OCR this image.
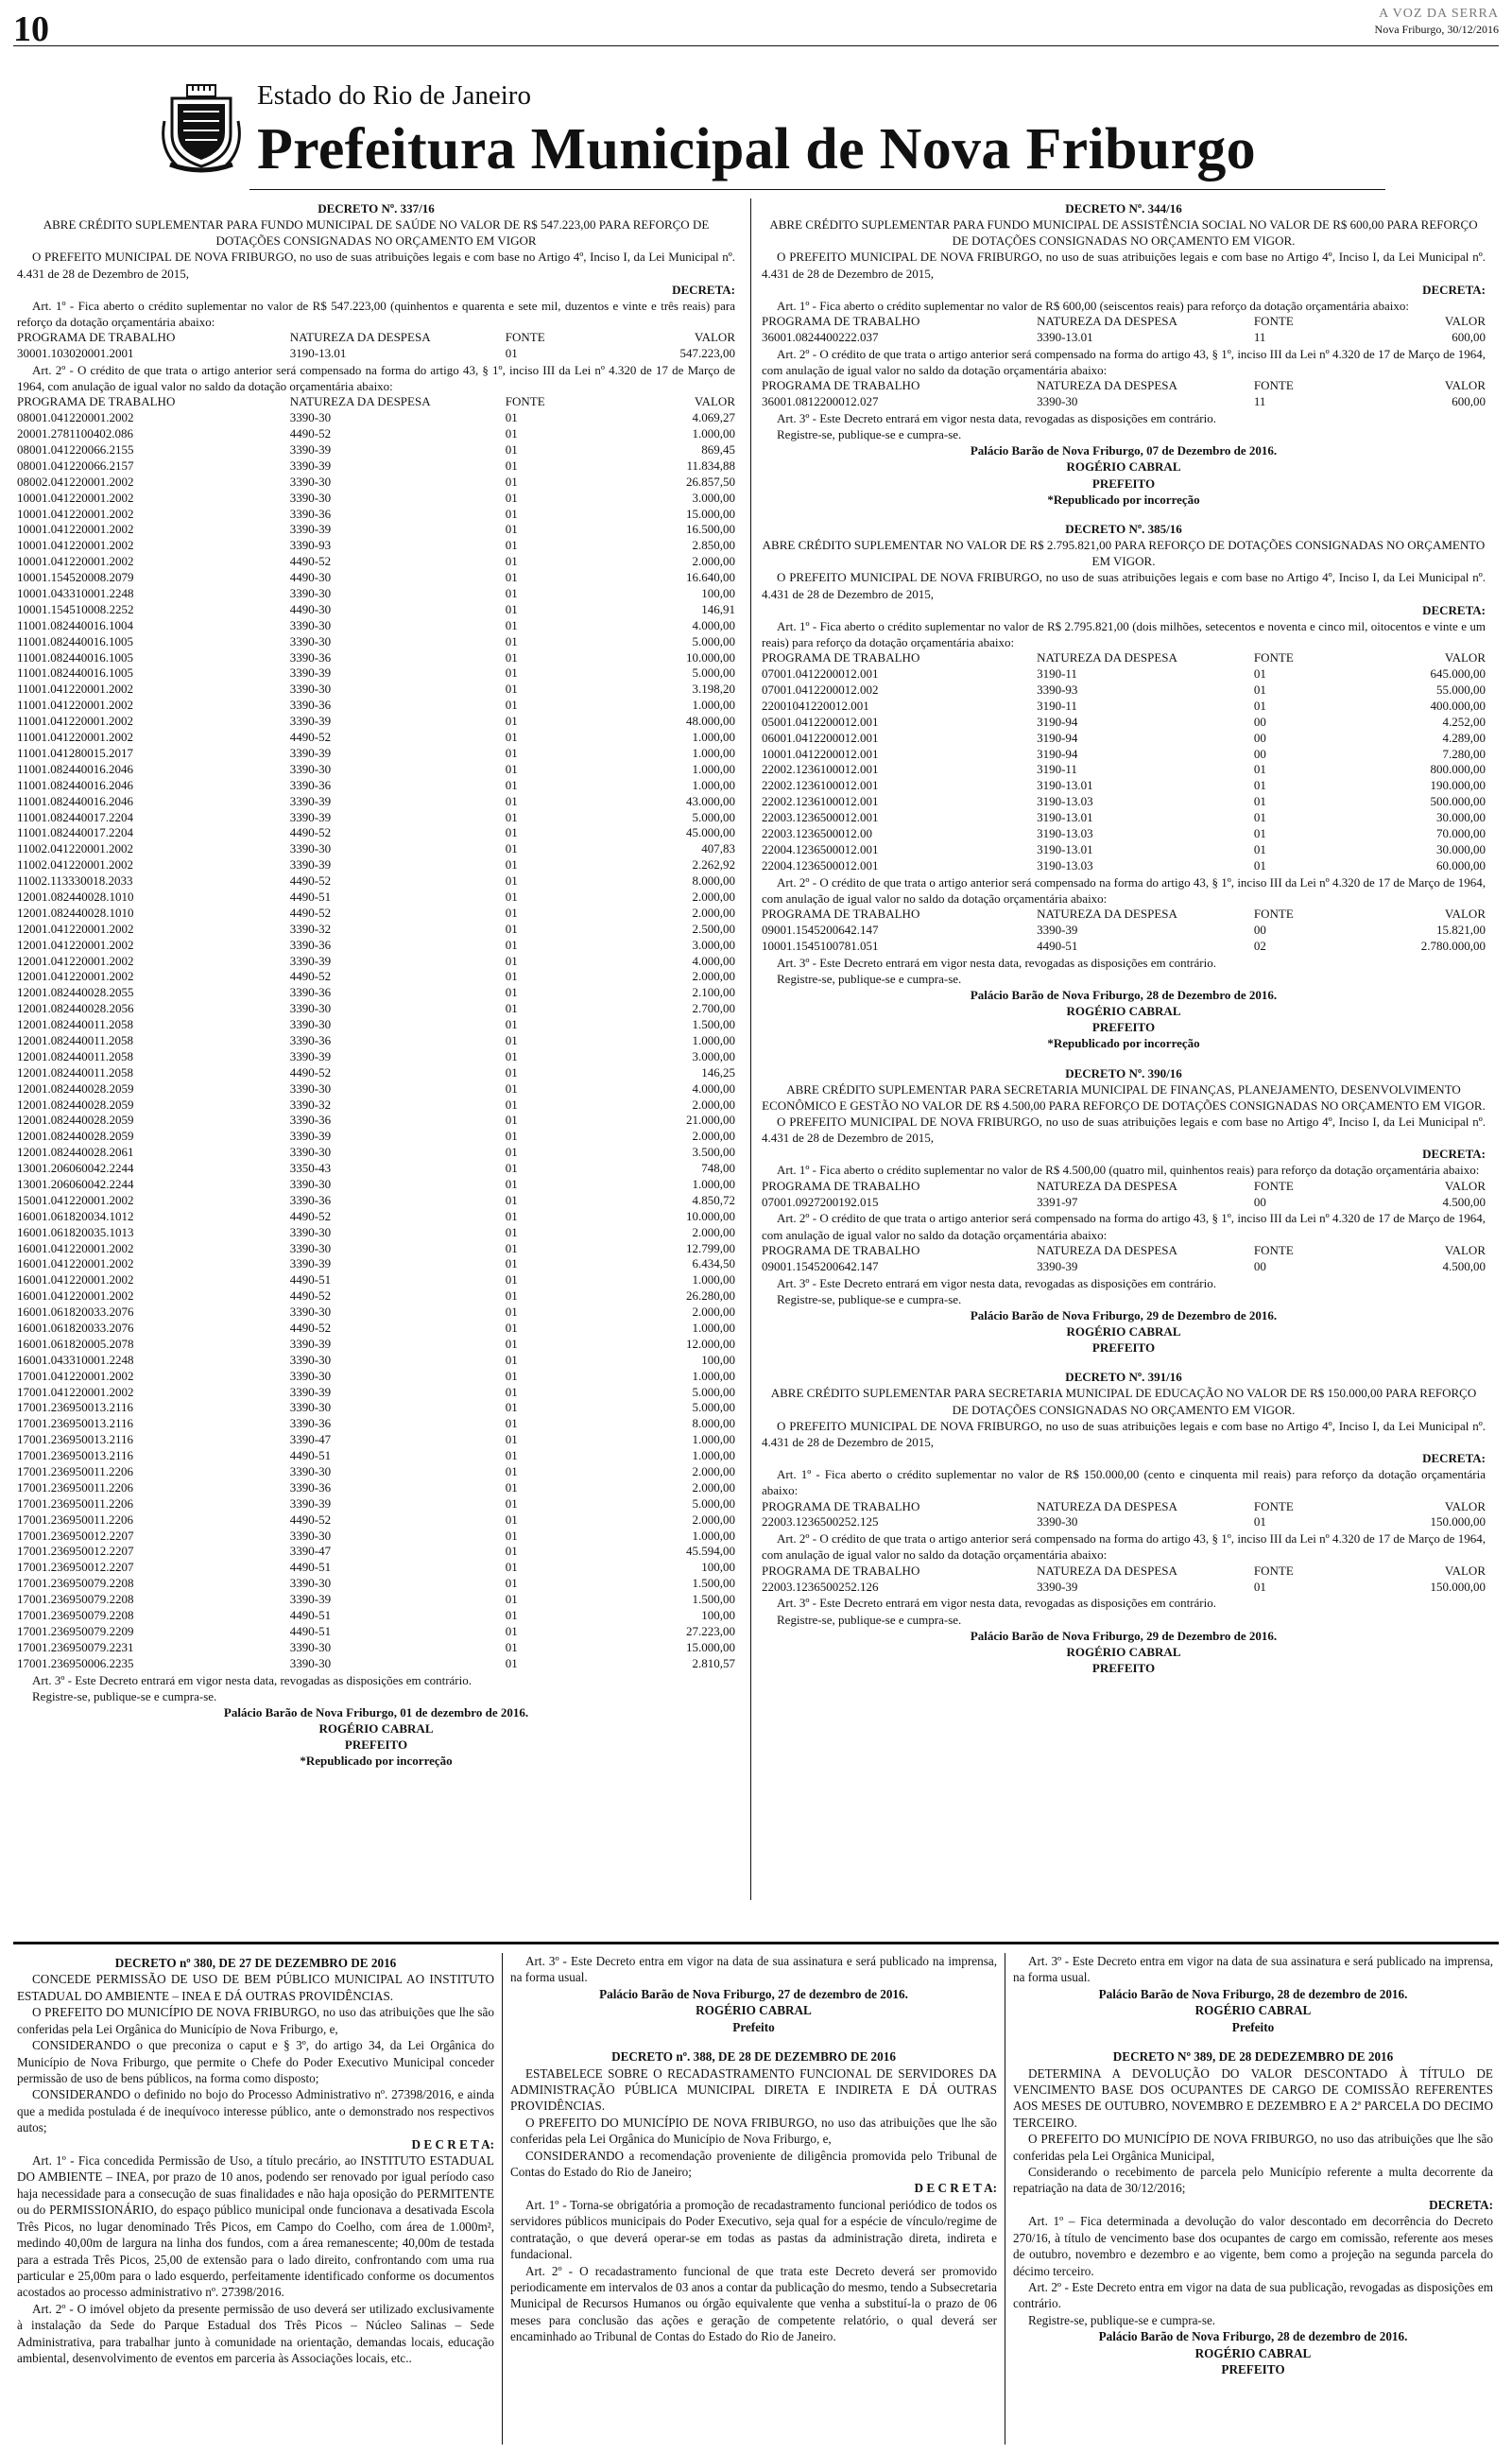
10	A VOZ DA SERRA
Nova Friburgo, 30/12/2016
Estado do Rio de Janeiro
Prefeitura Municipal de Nova Friburgo
DECRETO Nº. 337/16
ABRE CRÉDITO SUPLEMENTAR PARA FUNDO MUNICIPAL DE SAÚDE NO VALOR DE R$ 547.223,00 PARA REFORÇO DE DOTAÇÕES CONSIGNADAS NO ORÇAMENTO EM VIGOR

O PREFEITO MUNICIPAL DE NOVA FRIBURGO, no uso de suas atribuições legais e com base no Artigo 4º, Inciso I, da Lei Municipal nº. 4.431 de 28 de Dezembro de 2015,

DECRETA:

Art. 1º - Fica aberto o crédito suplementar no valor de R$ 547.223,00 (quinhentos e quarenta e sete mil, duzentos e vinte e três reais) para reforço da dotação orçamentária abaixo:

PROGRAMA DE TRABALHO	NATUREZA DA DESPESA	FONTE	VALOR
30001.103020001.2001	3190-13.01	01	547.223,00

Art. 2º - O crédito de que trata o artigo anterior será compensado na forma do artigo 43, § 1º, inciso III da Lei nº 4.320 de 17 de Março de 1964, com anulação de igual valor no saldo da dotação orçamentária abaixo:

PROGRAMA DE TRABALHO	NATUREZA DA DESPESA	FONTE	VALOR
08001.041220001.2002	3390-30	01	4.069,27
20001.2781100402.086	4490-52	01	1.000,00
08001.041220066.2155	3390-39	01	869,45
08001.041220066.2157	3390-39	01	11.834,88
08002.041220001.2002	3390-30	01	26.857,50
10001.041220001.2002	3390-30	01	3.000,00
10001.041220001.2002	3390-36	01	15.000,00
10001.041220001.2002	3390-39	01	16.500,00
10001.041220001.2002	3390-93	01	2.850,00
10001.041220001.2002	4490-52	01	2.000,00
10001.154520008.2079	4490-30	01	16.640,00
10001.043310001.2248	3390-30	01	100,00
10001.154510008.2252	4490-30	01	146,91
11001.082440016.1004	3390-30	01	4.000,00
11001.082440016.1005	3390-30	01	5.000,00
11001.082440016.1005	3390-36	01	10.000,00
11001.082440016.1005	3390-39	01	5.000,00
11001.041220001.2002	3390-30	01	3.198,20
11001.041220001.2002	3390-36	01	1.000,00
11001.041220001.2002	3390-39	01	48.000,00
11001.041220001.2002	4490-52	01	1.000,00
11001.041280015.2017	3390-39	01	1.000,00
11001.082440016.2046	3390-30	01	1.000,00
11001.082440016.2046	3390-36	01	1.000,00
11001.082440016.2046	3390-39	01	43.000,00
11001.082440017.2204	3390-39	01	5.000,00
11001.082440017.2204	4490-52	01	45.000,00
11002.041220001.2002	3390-30	01	407,83
11002.041220001.2002	3390-39	01	2.262,92
11002.113330018.2033	4490-52	01	8.000,00
12001.082440028.1010	4490-51	01	2.000,00
12001.082440028.1010	4490-52	01	2.000,00
12001.041220001.2002	3390-32	01	2.500,00
12001.041220001.2002	3390-36	01	3.000,00
12001.041220001.2002	3390-39	01	4.000,00
12001.041220001.2002	4490-52	01	2.000,00
12001.082440028.2055	3390-36	01	2.100,00
12001.082440028.2056	3390-30	01	2.700,00
12001.082440011.2058	3390-30	01	1.500,00
12001.082440011.2058	3390-36	01	1.000,00
12001.082440011.2058	3390-39	01	3.000,00
12001.082440011.2058	4490-52	01	146,25
12001.082440028.2059	3390-30	01	4.000,00
12001.082440028.2059	3390-32	01	2.000,00
12001.082440028.2059	3390-36	01	21.000,00
12001.082440028.2059	3390-39	01	2.000,00
12001.082440028.2061	3390-30	01	3.500,00
13001.206060042.2244	3350-43	01	748,00
13001.206060042.2244	3390-30	01	1.000,00
15001.041220001.2002	3390-36	01	4.850,72
16001.061820034.1012	4490-52	01	10.000,00
16001.061820035.1013	3390-30	01	2.000,00
16001.041220001.2002	3390-30	01	12.799,00
16001.041220001.2002	3390-39	01	6.434,50
16001.041220001.2002	4490-51	01	1.000,00
16001.041220001.2002	4490-52	01	26.280,00
16001.061820033.2076	3390-30	01	2.000,00
16001.061820033.2076	4490-52	01	1.000,00
16001.061820005.2078	3390-39	01	12.000,00
16001.043310001.2248	3390-30	01	100,00
17001.041220001.2002	3390-30	01	1.000,00
17001.041220001.2002	3390-39	01	5.000,00
17001.236950013.2116	3390-30	01	5.000,00
17001.236950013.2116	3390-36	01	8.000,00
17001.236950013.2116	3390-47	01	1.000,00
17001.236950013.2116	4490-51	01	1.000,00
17001.236950011.2206	3390-30	01	2.000,00
17001.236950011.2206	3390-36	01	2.000,00
17001.236950011.2206	3390-39	01	5.000,00
17001.236950011.2206	4490-52	01	2.000,00
17001.236950012.2207	3390-30	01	1.000,00
17001.236950012.2207	3390-47	01	45.594,00
17001.236950012.2207	4490-51	01	100,00
17001.236950079.2208	3390-30	01	1.500,00
17001.236950079.2208	3390-39	01	1.500,00
17001.236950079.2208	4490-51	01	100,00
17001.236950079.2209	4490-51	01	27.223,00
17001.236950079.2231	3390-30	01	15.000,00
17001.236950006.2235	3390-30	01	2.810,57

Art. 3º - Este Decreto entrará em vigor nesta data, revogadas as disposições em contrário.

Registre-se, publique-se e cumpra-se.

Palácio Barão de Nova Friburgo, 01 de dezembro de 2016.
ROGÉRIO CABRAL
PREFEITO
*Republicado por incorreção
DECRETO Nº. 344/16
ABRE CRÉDITO SUPLEMENTAR PARA FUNDO MUNICIPAL DE ASSISTÊNCIA SOCIAL NO VALOR DE R$ 600,00 PARA REFORÇO DE DOTAÇÕES CONSIGNADAS NO ORÇAMENTO EM VIGOR.

O PREFEITO MUNICIPAL DE NOVA FRIBURGO, no uso de suas atribuições legais e com base no Artigo 4º, Inciso I, da Lei Municipal nº. 4.431 de 28 de Dezembro de 2015,

DECRETA:

Art. 1º - Fica aberto o crédito suplementar no valor de R$ 600,00 (seiscentos reais) para reforço da dotação orçamentária abaixo:

PROGRAMA DE TRABALHO	NATUREZA DA DESPESA	FONTE	VALOR
36001.0824400222.037	3390-13.01	11	600,00

Art. 2º - O crédito de que trata o artigo anterior será compensado na forma do artigo 43, § 1º, inciso III da Lei nº 4.320 de 17 de Março de 1964, com anulação de igual valor no saldo da dotação orçamentária abaixo:

PROGRAMA DE TRABALHO	NATUREZA DA DESPESA	FONTE	VALOR
36001.0812200012.027	3390-30	11	600,00

Art. 3º - Este Decreto entrará em vigor nesta data, revogadas as disposições em contrário.

Registre-se, publique-se e cumpra-se.

Palácio Barão de Nova Friburgo, 07 de Dezembro de 2016.
ROGÉRIO CABRAL
PREFEITO
*Republicado por incorreção
DECRETO Nº. 385/16
ABRE CRÉDITO SUPLEMENTAR NO VALOR DE R$ 2.795.821,00 PARA REFORÇO DE DOTAÇÕES CONSIGNADAS NO ORÇAMENTO EM VIGOR.

O PREFEITO MUNICIPAL DE NOVA FRIBURGO, no uso de suas atribuições legais e com base no Artigo 4º, Inciso I, da Lei Municipal nº. 4.431 de 28 de Dezembro de 2015,

DECRETA:

Art. 1º - Fica aberto o crédito suplementar no valor de R$ 2.795.821,00 (dois milhões, setecentos e noventa e cinco mil, oitocentos e vinte e um reais) para reforço da dotação orçamentária abaixo:

PROGRAMA DE TRABALHO	NATUREZA DA DESPESA	FONTE	VALOR
07001.0412200012.001	3190-11	01	645.000,00
07001.0412200012.002	3390-93	01	55.000,00
22001041220012.001	3190-11	01	400.000,00
05001.0412200012.001	3190-94	00	4.252,00
06001.0412200012.001	3190-94	00	4.289,00
10001.0412200012.001	3190-94	00	7.280,00
22002.1236100012.001	3190-11	01	800.000,00
22002.1236100012.001	3190-13.01	01	190.000,00
22002.1236100012.001	3190-13.03	01	500.000,00
22003.1236500012.001	3190-13.01	01	30.000,00
22003.1236500012.00	3190-13.03	01	70.000,00
22004.1236500012.001	3190-13.01	01	30.000,00
22004.1236500012.001	3190-13.03	01	60.000,00

Art. 2º - O crédito de que trata o artigo anterior será compensado na forma do artigo 43, § 1º, inciso III da Lei nº 4.320 de 17 de Março de 1964, com anulação de igual valor no saldo da dotação orçamentária abaixo:

PROGRAMA DE TRABALHO	NATUREZA DA DESPESA	FONTE	VALOR
09001.1545200642.147	3390-39	00	15.821,00
10001.1545100781.051	4490-51	02	2.780.000,00

Art. 3º - Este Decreto entrará em vigor nesta data, revogadas as disposições em contrário.

Registre-se, publique-se e cumpra-se.

Palácio Barão de Nova Friburgo, 28 de Dezembro de 2016.
ROGÉRIO CABRAL
PREFEITO
*Republicado por incorreção
DECRETO Nº. 390/16
ABRE CRÉDITO SUPLEMENTAR PARA SECRETARIA MUNICIPAL DE FINANÇAS, PLANEJAMENTO, DESENVOLVIMENTO ECONÔMICO E GESTÃO NO VALOR DE R$ 4.500,00 PARA REFORÇO DE DOTAÇÕES CONSIGNADAS NO ORÇAMENTO EM VIGOR.

O PREFEITO MUNICIPAL DE NOVA FRIBURGO, no uso de suas atribuições legais e com base no Artigo 4º, Inciso I, da Lei Municipal nº. 4.431 de 28 de Dezembro de 2015,

DECRETA:

Art. 1º - Fica aberto o crédito suplementar no valor de R$ 4.500,00 (quatro mil, quinhentos reais) para reforço da dotação orçamentária abaixo:

PROGRAMA DE TRABALHO	NATUREZA DA DESPESA	FONTE	VALOR
07001.0927200192.015	3391-97	00	4.500,00

Art. 2º - O crédito de que trata o artigo anterior será compensado na forma do artigo 43, § 1º, inciso III da Lei nº 4.320 de 17 de Março de 1964, com anulação de igual valor no saldo da dotação orçamentária abaixo:

PROGRAMA DE TRABALHO	NATUREZA DA DESPESA	FONTE	VALOR
09001.1545200642.147	3390-39	00	4.500,00

Art. 3º - Este Decreto entrará em vigor nesta data, revogadas as disposições em contrário.

Registre-se, publique-se e cumpra-se.

Palácio Barão de Nova Friburgo, 29 de Dezembro de 2016.
ROGÉRIO CABRAL
PREFEITO
DECRETO Nº. 391/16
ABRE CRÉDITO SUPLEMENTAR PARA SECRETARIA MUNICIPAL DE EDUCAÇÃO NO VALOR DE R$ 150.000,00 PARA REFORÇO DE DOTAÇÕES CONSIGNADAS NO ORÇAMENTO EM VIGOR.

O PREFEITO MUNICIPAL DE NOVA FRIBURGO, no uso de suas atribuições legais e com base no Artigo 4º, Inciso I, da Lei Municipal nº. 4.431 de 28 de Dezembro de 2015,

DECRETA:

Art. 1º - Fica aberto o crédito suplementar no valor de R$ 150.000,00 (cento e cinquenta mil reais) para reforço da dotação orçamentária abaixo:

PROGRAMA DE TRABALHO	NATUREZA DA DESPESA	FONTE	VALOR
22003.1236500252.125	3390-30	01	150.000,00

Art. 2º - O crédito de que trata o artigo anterior será compensado na forma do artigo 43, § 1º, inciso III da Lei nº 4.320 de 17 de Março de 1964, com anulação de igual valor no saldo da dotação orçamentária abaixo:

PROGRAMA DE TRABALHO	NATUREZA DA DESPESA	FONTE	VALOR
22003.1236500252.126	3390-39	01	150.000,00

Art. 3º - Este Decreto entrará em vigor nesta data, revogadas as disposições em contrário.

Registre-se, publique-se e cumpra-se.

Palácio Barão de Nova Friburgo, 29 de Dezembro de 2016.
ROGÉRIO CABRAL
PREFEITO
DECRETO nº 380, DE 27 DE DEZEMBRO DE 2016

CONCEDE PERMISSÃO DE USO DE BEM PÚBLICO MUNICIPAL AO INSTITUTO ESTADUAL DO AMBIENTE – INEA E DÁ OUTRAS PROVIDÊNCIAS.

O PREFEITO DO MUNICÍPIO DE NOVA FRIBURGO, no uso das atribuições que lhe são conferidas pela Lei Orgânica do Município de Nova Friburgo, e,

CONSIDERANDO o que preconiza o caput e § 3º, do artigo 34, da Lei Orgânica do Município de Nova Friburgo, que permite o Chefe do Poder Executivo Municipal conceder permissão de uso de bens públicos, na forma como disposto;

CONSIDERANDO o definido no bojo do Processo Administrativo nº. 27398/2016, e ainda que a medida postulada é de inequívoco interesse público, ante o demonstrado nos respectivos autos;

D E C R E T A:

Art. 1º - Fica concedida Permissão de Uso, a título precário, ao INSTITUTO ESTADUAL DO AMBIENTE – INEA, por prazo de 10 anos, podendo ser renovado por igual período caso haja necessidade para a consecução de suas finalidades e não haja oposição do PERMITENTE ou do PERMISSIONÁRIO, do espaço público municipal onde funcionava a desativada Escola Três Picos, no lugar denominado Três Picos, em Campo do Coelho, com área de 1.000m², medindo 40,00m de largura na linha dos fundos, com a área remanescente; 40,00m de testada para a estrada Três Picos, 25,00 de extensão para o lado direito, confrontando com uma rua particular e 25,00m para o lado esquerdo, perfeitamente identificado conforme os documentos acostados ao processo administrativo nº. 27398/2016.

Art. 2º - O imóvel objeto da presente permissão de uso deverá ser utilizado exclusivamente à instalação da Sede do Parque Estadual dos Três Picos – Núcleo Salinas – Sede Administrativa, para trabalhar junto à comunidade na orientação, demandas locais, educação ambiental, desenvolvimento de eventos em parceria às Associações locais, etc..

Art. 3º - Este Decreto entra em vigor na data de sua assinatura e será publicado na imprensa, na forma usual.

Palácio Barão de Nova Friburgo, 27 de dezembro de 2016.
ROGÉRIO CABRAL
Prefeito
DECRETO nº. 388, DE 28 DE DEZEMBRO DE 2016

ESTABELECE SOBRE O RECADASTRAMENTO FUNCIONAL DE SERVIDORES DA ADMINISTRAÇÃO PÚBLICA MUNICIPAL DIRETA E INDIRETA E DÁ OUTRAS PROVIDÊNCIAS.

O PREFEITO DO MUNICÍPIO DE NOVA FRIBURGO, no uso das atribuições que lhe são conferidas pela Lei Orgânica do Município de Nova Friburgo, e,

CONSIDERANDO a recomendação proveniente de diligência promovida pelo Tribunal de Contas do Estado do Rio de Janeiro;

D E C R E T A:

Art. 1º - Torna-se obrigatória a promoção de recadastramento funcional periódico de todos os servidores públicos municipais do Poder Executivo, seja qual for a espécie de vínculo/regime de contratação, o que deverá operar-se em todas as pastas da administração direta, indireta e fundacional.

Art. 2º - O recadastramento funcional de que trata este Decreto deverá ser promovido periodicamente em intervalos de 03 anos a contar da publicação do mesmo, tendo a Subsecretaria Municipal de Recursos Humanos ou órgão equivalente que venha a substituí-la o prazo de 06 meses para conclusão das ações e geração de competente relatório, o qual deverá ser encaminhado ao Tribunal de Contas do Estado do Rio de Janeiro.

Art. 3º - Este Decreto entra em vigor na data de sua assinatura e será publicado na imprensa, na forma usual.

Palácio Barão de Nova Friburgo, 28 de dezembro de 2016.
ROGÉRIO CABRAL
Prefeito
DECRETO Nº 389, DE 28 DEDEZEMBRO DE 2016

DETERMINA A DEVOLUÇÃO DO VALOR DESCONTADO À TÍTULO DE VENCIMENTO BASE DOS OCUPANTES DE CARGO DE COMISSÃO REFERENTES AOS MESES DE OUTUBRO, NOVEMBRO E DEZEMBRO E A 2ª PARCELA DO DECIMO TERCEIRO.

O PREFEITO DO MUNICÍPIO DE NOVA FRIBURGO, no uso das atribuições que lhe são conferidas pela Lei Orgânica Municipal,

Considerando o recebimento de parcela pelo Município referente a multa decorrente da repatriação na data de 30/12/2016;

DECRETA:

Art. 1º – Fica determinada a devolução do valor descontado em decorrência do Decreto 270/16, à título de vencimento base dos ocupantes de cargo em comissão, referente aos meses de outubro, novembro e dezembro e ao vigente, bem como a projeção na segunda parcela do décimo terceiro.

Art. 2º - Este Decreto entra em vigor na data de sua publicação, revogadas as disposições em contrário.

Registre-se, publique-se e cumpra-se.

Palácio Barão de Nova Friburgo, 28 de dezembro de 2016.
ROGÉRIO CABRAL
PREFEITO
